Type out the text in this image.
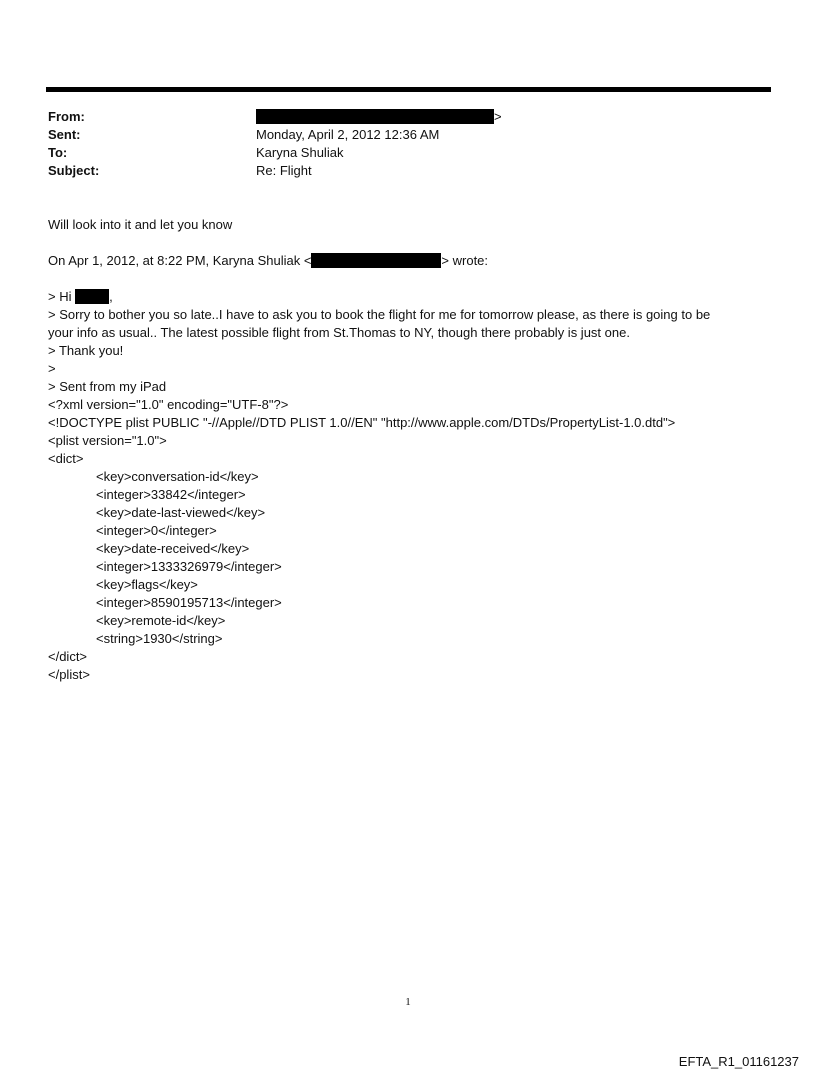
From:	>
Sent:	Monday, April 2, 2012 12:36 AM
To:	Karyna Shuliak
Subject:	Re: Flight

Will look into it and let you know

On Apr 1, 2012, at 8:22 PM, Karyna Shuliak <	> wrote:

> Hi	,

> Sorry to bother you so late..I have to ask you to book the flight for me for tomorrow please, as there is going to be

your info as usual.. The latest possible flight from St.Thomas to NY, though there probably is just one.

> Thank you!

>

> Sent from my iPad

<?xml version="1.0" encoding="UTF-8"?>

<!DOCTYPE plist PUBLIC "-//Apple//DTD PLIST 1.0//EN" "http://www.apple.com/DTDs/PropertyList-1.0.dtd">

<plist version="1.0">

<dict>

<key>conversation-id</key>

<integer>33842</integer>

<key>date-last-viewed</key>

<integer>0</integer>

<key>date-received</key>

<integer>1333326979</integer>

<key>flags</key>

<integer>8590195713</integer>

<key>remote-id</key>

<string>1930</string>

</dict>

</plist>

1
EFTA_R1_01161237
